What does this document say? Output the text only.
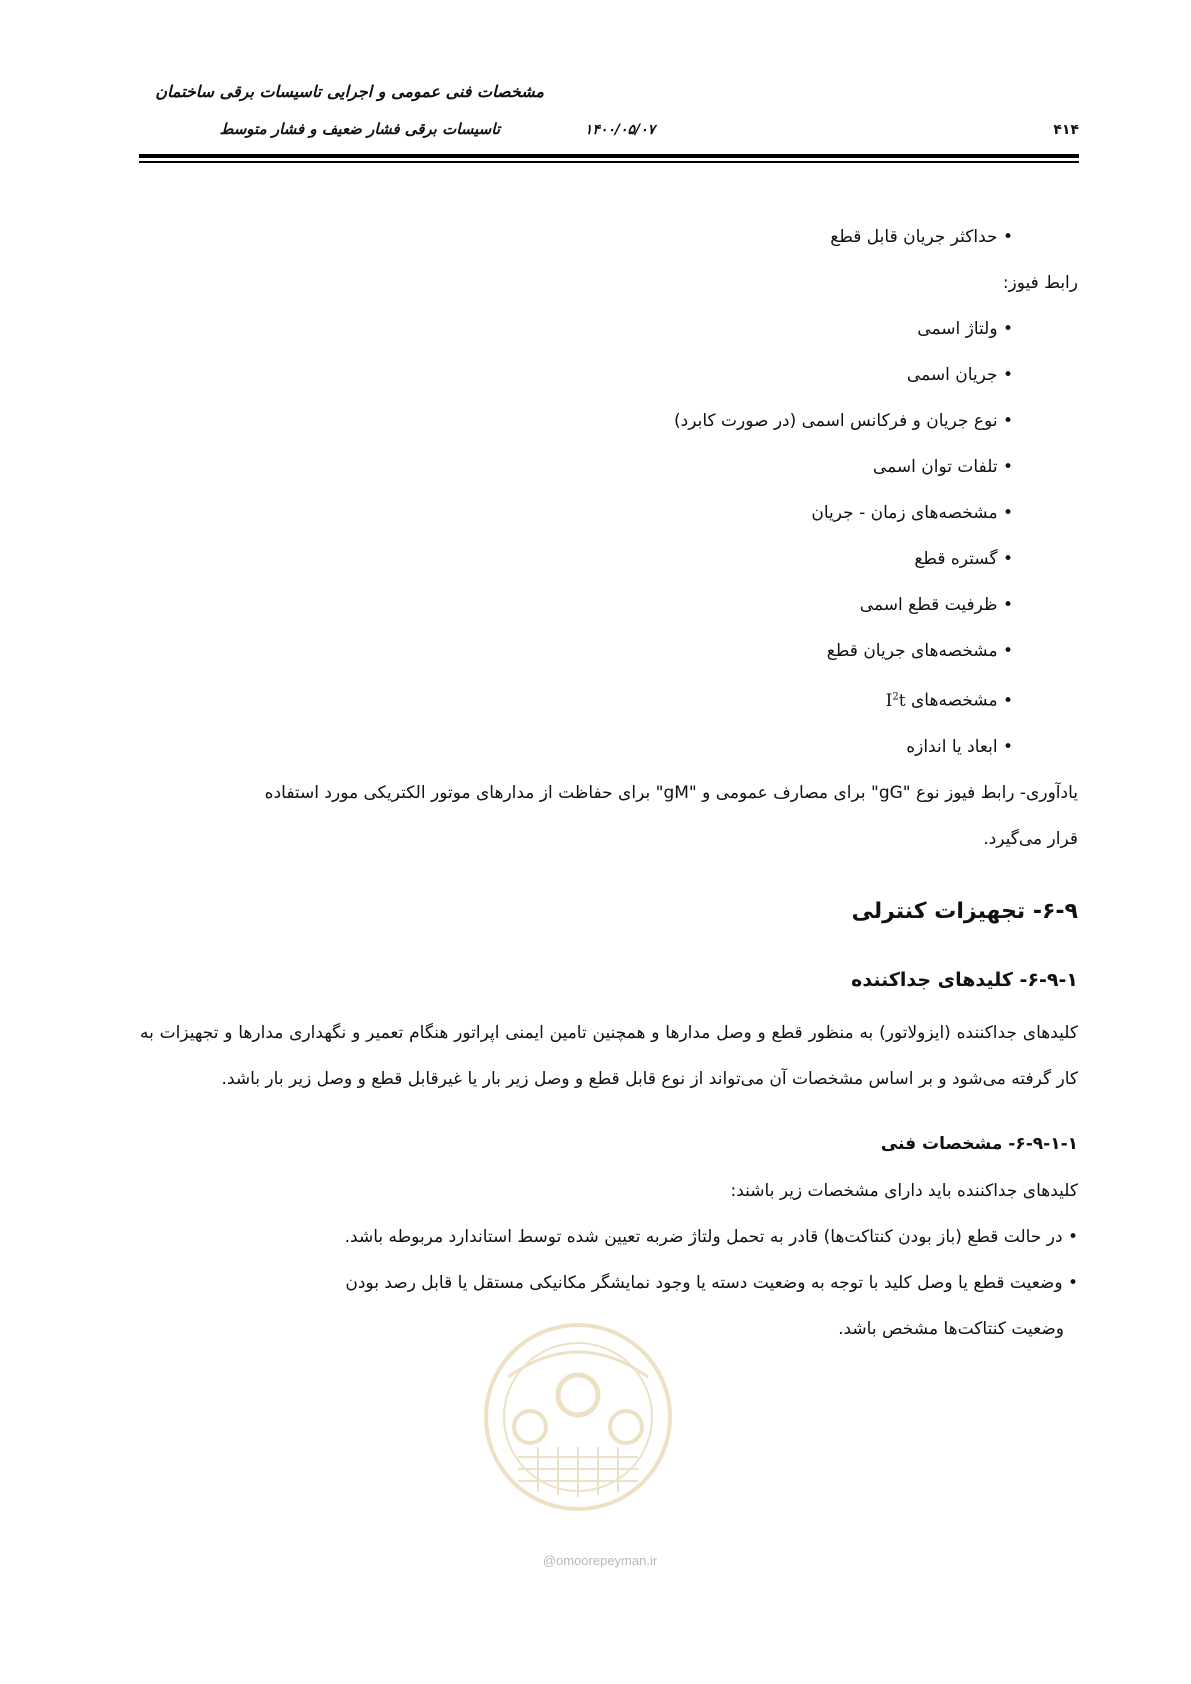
مشخصات فنی عمومی و اجرایی تاسیسات برقی ساختمان
تاسیسات برقی فشار ضعیف و فشار متوسط	۱۴۰۰/۰۵/۰۷	۴۱۴
• حداکثر جریان قابل قطع
رابط فیوز:
• ولتاژ اسمی
• جریان اسمی
• نوع جریان و فرکانس اسمی (در صورت کابرد)
• تلفات توان اسمی
• مشخصه‌های زمان - جریان
• گستره قطع
• ظرفیت قطع اسمی
• مشخصه‌های جریان قطع
• مشخصه‌های $I^2t$
• ابعاد یا اندازه
یادآوری- رابط فیوز نوع "gG" برای مصارف عمومی و "gM" برای حفاظت از مدارهای موتور الکتریکی مورد استفاده
قرار می‌گیرد.
۶-۹- تجهیزات کنترلی
۶-۹-۱- کلیدهای جداکننده
کلیدهای جداکننده (ایزولاتور) به منظور قطع و وصل مدارها و همچنین تامین ایمنی اپراتور هنگام تعمیر و نگهداری مدارها و تجهیزات به کار گرفته می‌شود و بر اساس مشخصات آن می‌تواند از نوع قابل قطع و وصل زیر بار یا غیرقابل قطع و وصل زیر بار باشد.
۶-۹-۱-۱- مشخصات فنی
کلیدهای جداکننده باید دارای مشخصات زیر باشند:
• در حالت قطع (باز بودن کنتاکت‌ها) قادر به تحمل ولتاژ ضربه تعیین شده توسط استاندارد مربوطه باشد.
• وضعیت قطع یا وصل کلید با توجه به وضعیت دسته یا وجود نمایشگر مکانیکی مستقل یا قابل رصد بودن
وضعیت کنتاکت‌ها مشخص باشد.
@omoorepeyman.ir
